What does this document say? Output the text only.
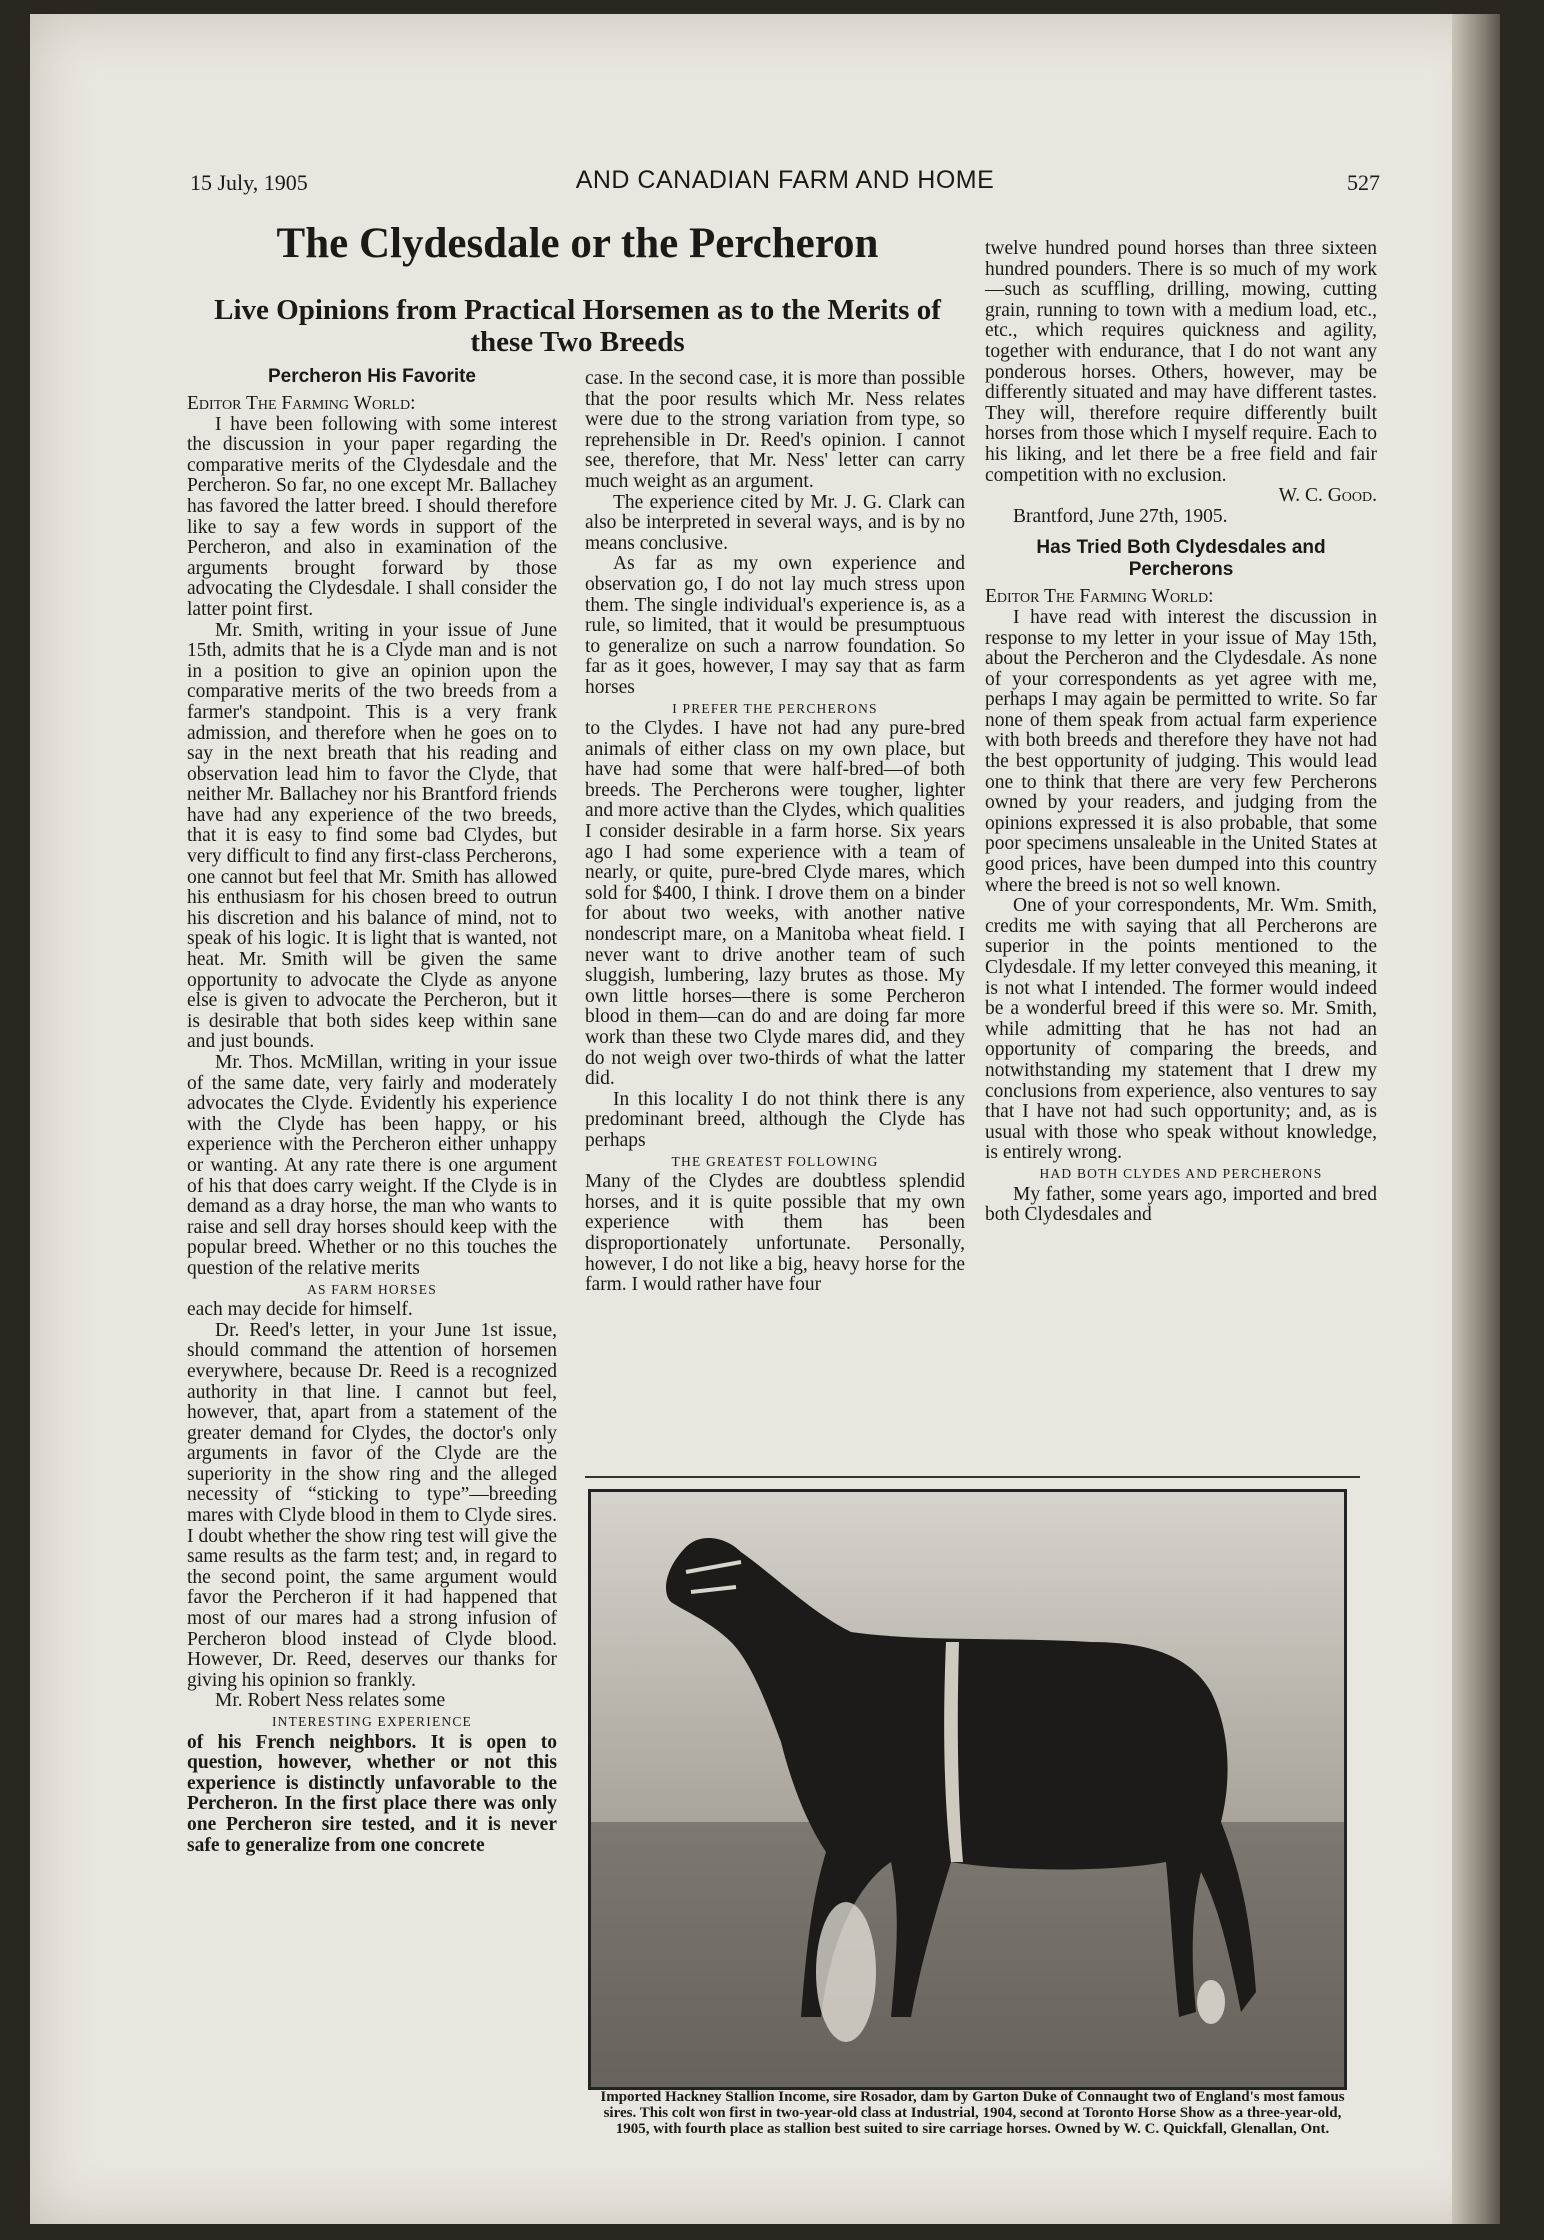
15 July, 1905	AND CANADIAN FARM AND HOME	527
The Clydesdale or the Percheron
Live Opinions from Practical Horsemen as to the Merits of these Two Breeds
Percheron His Favorite

Editor The Farming World:

I have been following with some interest the discussion in your paper regarding the comparative merits of the Clydesdale and the Percheron. So far, no one except Mr. Ballachey has favored the latter breed. I should therefore like to say a few words in support of the Percheron, and also in examination of the arguments brought forward by those advocating the Clydesdale. I shall consider the latter point first.

Mr. Smith, writing in your issue of June 15th, admits that he is a Clyde man and is not in a position to give an opinion upon the comparative merits of the two breeds from a farmer's standpoint. This is a very frank admission, and therefore when he goes on to say in the next breath that his reading and observation lead him to favor the Clyde, that neither Mr. Ballachey nor his Brantford friends have had any experience of the two breeds, that it is easy to find some bad Clydes, but very difficult to find any first-class Percherons, one cannot but feel that Mr. Smith has allowed his enthusiasm for his chosen breed to outrun his discretion and his balance of mind, not to speak of his logic. It is light that is wanted, not heat. Mr. Smith will be given the same opportunity to advocate the Clyde as anyone else is given to advocate the Percheron, but it is desirable that both sides keep within sane and just bounds.

Mr. Thos. McMillan, writing in your issue of the same date, very fairly and moderately advocates the Clyde. Evidently his experience with the Clyde has been happy, or his experience with the Percheron either unhappy or wanting. At any rate there is one argument of his that does carry weight. If the Clyde is in demand as a dray horse, the man who wants to raise and sell dray horses should keep with the popular breed. Whether or no this touches the question of the relative merits

AS FARM HORSES

each may decide for himself.

Dr. Reed's letter, in your June 1st issue, should command the attention of horsemen everywhere, because Dr. Reed is a recognized authority in that line. I cannot but feel, however, that, apart from a statement of the greater demand for Clydes, the doctor's only arguments in favor of the Clyde are the superiority in the show ring and the alleged necessity of “sticking to type”—breeding mares with Clyde blood in them to Clyde sires. I doubt whether the show ring test will give the same results as the farm test; and, in regard to the second point, the same argument would favor the Percheron if it had happened that most of our mares had a strong infusion of Percheron blood instead of Clyde blood. However, Dr. Reed, deserves our thanks for giving his opinion so frankly.

Mr. Robert Ness relates some

INTERESTING EXPERIENCE

of his French neighbors. It is open to question, however, whether or not this experience is distinctly unfavorable to the Percheron. In the first place there was only one Percheron sire tested, and it is never safe to generalize from one concrete

case. In the second case, it is more than possible that the poor results which Mr. Ness relates were due to the strong variation from type, so reprehensible in Dr. Reed's opinion. I cannot see, therefore, that Mr. Ness' letter can carry much weight as an argument.

The experience cited by Mr. J. G. Clark can also be interpreted in several ways, and is by no means conclusive.

As far as my own experience and observation go, I do not lay much stress upon them. The single individual's experience is, as a rule, so limited, that it would be presumptuous to generalize on such a narrow foundation. So far as it goes, however, I may say that as farm horses

I PREFER THE PERCHERONS

to the Clydes. I have not had any pure-bred animals of either class on my own place, but have had some that were half-bred—of both breeds. The Percherons were tougher, lighter and more active than the Clydes, which qualities I consider desirable in a farm horse. Six years ago I had some experience with a team of nearly, or quite, pure-bred Clyde mares, which sold for $400, I think. I drove them on a binder for about two weeks, with another native nondescript mare, on a Manitoba wheat field. I never want to drive another team of such sluggish, lumbering, lazy brutes as those. My own little horses—there is some Percheron blood in them—can do and are doing far more work than these two Clyde mares did, and they do not weigh over two-thirds of what the latter did.

In this locality I do not think there is any predominant breed, although the Clyde has perhaps

THE GREATEST FOLLOWING

Many of the Clydes are doubtless splendid horses, and it is quite possible that my own experience with them has been disproportionately unfortunate. Personally, however, I do not like a big, heavy horse for the farm. I would rather have four

twelve hundred pound horses than three sixteen hundred pounders. There is so much of my work—such as scuffling, drilling, mowing, cutting grain, running to town with a medium load, etc., etc., which requires quickness and agility, together with endurance, that I do not want any ponderous horses. Others, however, may be differently situated and may have different tastes. They will, therefore require differently built horses from those which I myself require. Each to his liking, and let there be a free field and fair competition with no exclusion.

W. C. Good.

Brantford, June 27th, 1905.

Has Tried Both Clydesdales and Percherons

Editor The Farming World:

I have read with interest the discussion in response to my letter in your issue of May 15th, about the Percheron and the Clydesdale. As none of your correspondents as yet agree with me, perhaps I may again be permitted to write. So far none of them speak from actual farm experience with both breeds and therefore they have not had the best opportunity of judging. This would lead one to think that there are very few Percherons owned by your readers, and judging from the opinions expressed it is also probable, that some poor specimens unsaleable in the United States at good prices, have been dumped into this country where the breed is not so well known.

One of your correspondents, Mr. Wm. Smith, credits me with saying that all Percherons are superior in the points mentioned to the Clydesdale. If my letter conveyed this meaning, it is not what I intended. The former would indeed be a wonderful breed if this were so. Mr. Smith, while admitting that he has not had an opportunity of comparing the breeds, and notwithstanding my statement that I drew my conclusions from experience, also ventures to say that I have not had such opportunity; and, as is usual with those who speak without knowledge, is entirely wrong.

HAD BOTH CLYDES AND PERCHERONS

My father, some years ago, imported and bred both Clydesdales and

Imported Hackney Stallion Income, sire Rosador, dam by Garton Duke of Connaught two of England's most famous sires. This colt won first in two-year-old class at Industrial, 1904, second at Toronto Horse Show as a three-year-old, 1905, with fourth place as stallion best suited to sire carriage horses. Owned by W. C. Quickfall, Glenallan, Ont.
